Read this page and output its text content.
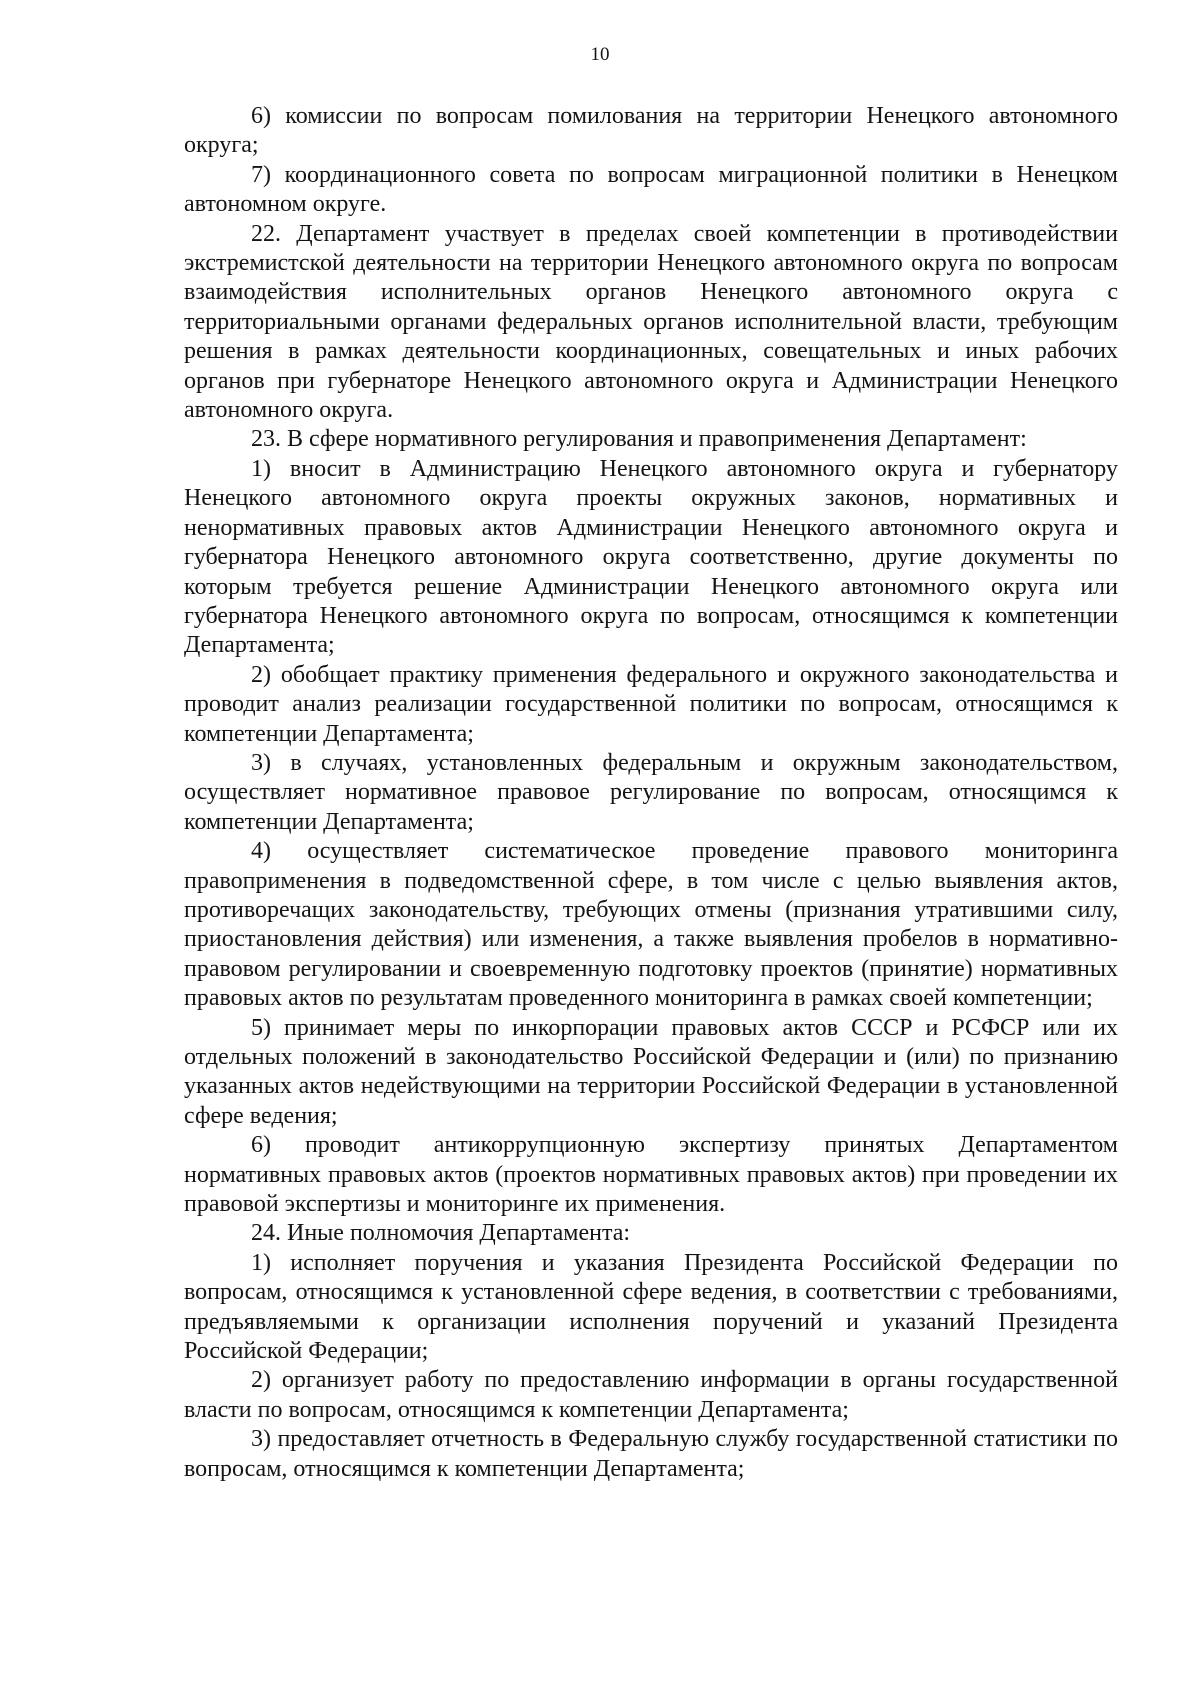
10

6) комиссии по вопросам помилования на территории Ненецкого автономного округа;

7) координационного совета по вопросам миграционной политики в Ненецком автономном округе.

22. Департамент участвует в пределах своей компетенции в противодействии экстремистской деятельности на территории Ненецкого автономного округа по вопросам взаимодействия исполнительных органов Ненецкого автономного округа с территориальными органами федеральных органов исполнительной власти, требующим решения в рамках деятельности координационных, совещательных и иных рабочих органов при губернаторе Ненецкого автономного округа и Администрации Ненецкого автономного округа.

23. В сфере нормативного регулирования и правоприменения Департамент:

1) вносит в Администрацию Ненецкого автономного округа и губернатору Ненецкого автономного округа проекты окружных законов, нормативных и ненормативных правовых актов Администрации Ненецкого автономного округа и губернатора Ненецкого автономного округа соответственно, другие документы по которым требуется решение Администрации Ненецкого автономного округа или губернатора Ненецкого автономного округа по вопросам, относящимся к компетенции Департамента;

2) обобщает практику применения федерального и окружного законодательства и проводит анализ реализации государственной политики по вопросам, относящимся к компетенции Департамента;

3) в случаях, установленных федеральным и окружным законодательством, осуществляет нормативное правовое регулирование по вопросам, относящимся к компетенции Департамента;

4) осуществляет систематическое проведение правового мониторинга правоприменения в подведомственной сфере, в том числе с целью выявления актов, противоречащих законодательству, требующих отмены (признания утратившими силу, приостановления действия) или изменения, а также выявления пробелов в нормативно-правовом регулировании и своевременную подготовку проектов (принятие) нормативных правовых актов по результатам проведенного мониторинга в рамках своей компетенции;

5) принимает меры по инкорпорации правовых актов СССР и РСФСР или их отдельных положений в законодательство Российской Федерации и (или) по признанию указанных актов недействующими на территории Российской Федерации в установленной сфере ведения;

6) проводит антикоррупционную экспертизу принятых Департаментом нормативных правовых актов (проектов нормативных правовых актов) при проведении их правовой экспертизы и мониторинге их применения.

24. Иные полномочия Департамента:

1) исполняет поручения и указания Президента Российской Федерации по вопросам, относящимся к установленной сфере ведения, в соответствии с требованиями, предъявляемыми к организации исполнения поручений и указаний Президента Российской Федерации;

2) организует работу по предоставлению информации в органы государственной власти по вопросам, относящимся к компетенции Департамента;

3) предоставляет отчетность в Федеральную службу государственной статистики по вопросам, относящимся к компетенции Департамента;
